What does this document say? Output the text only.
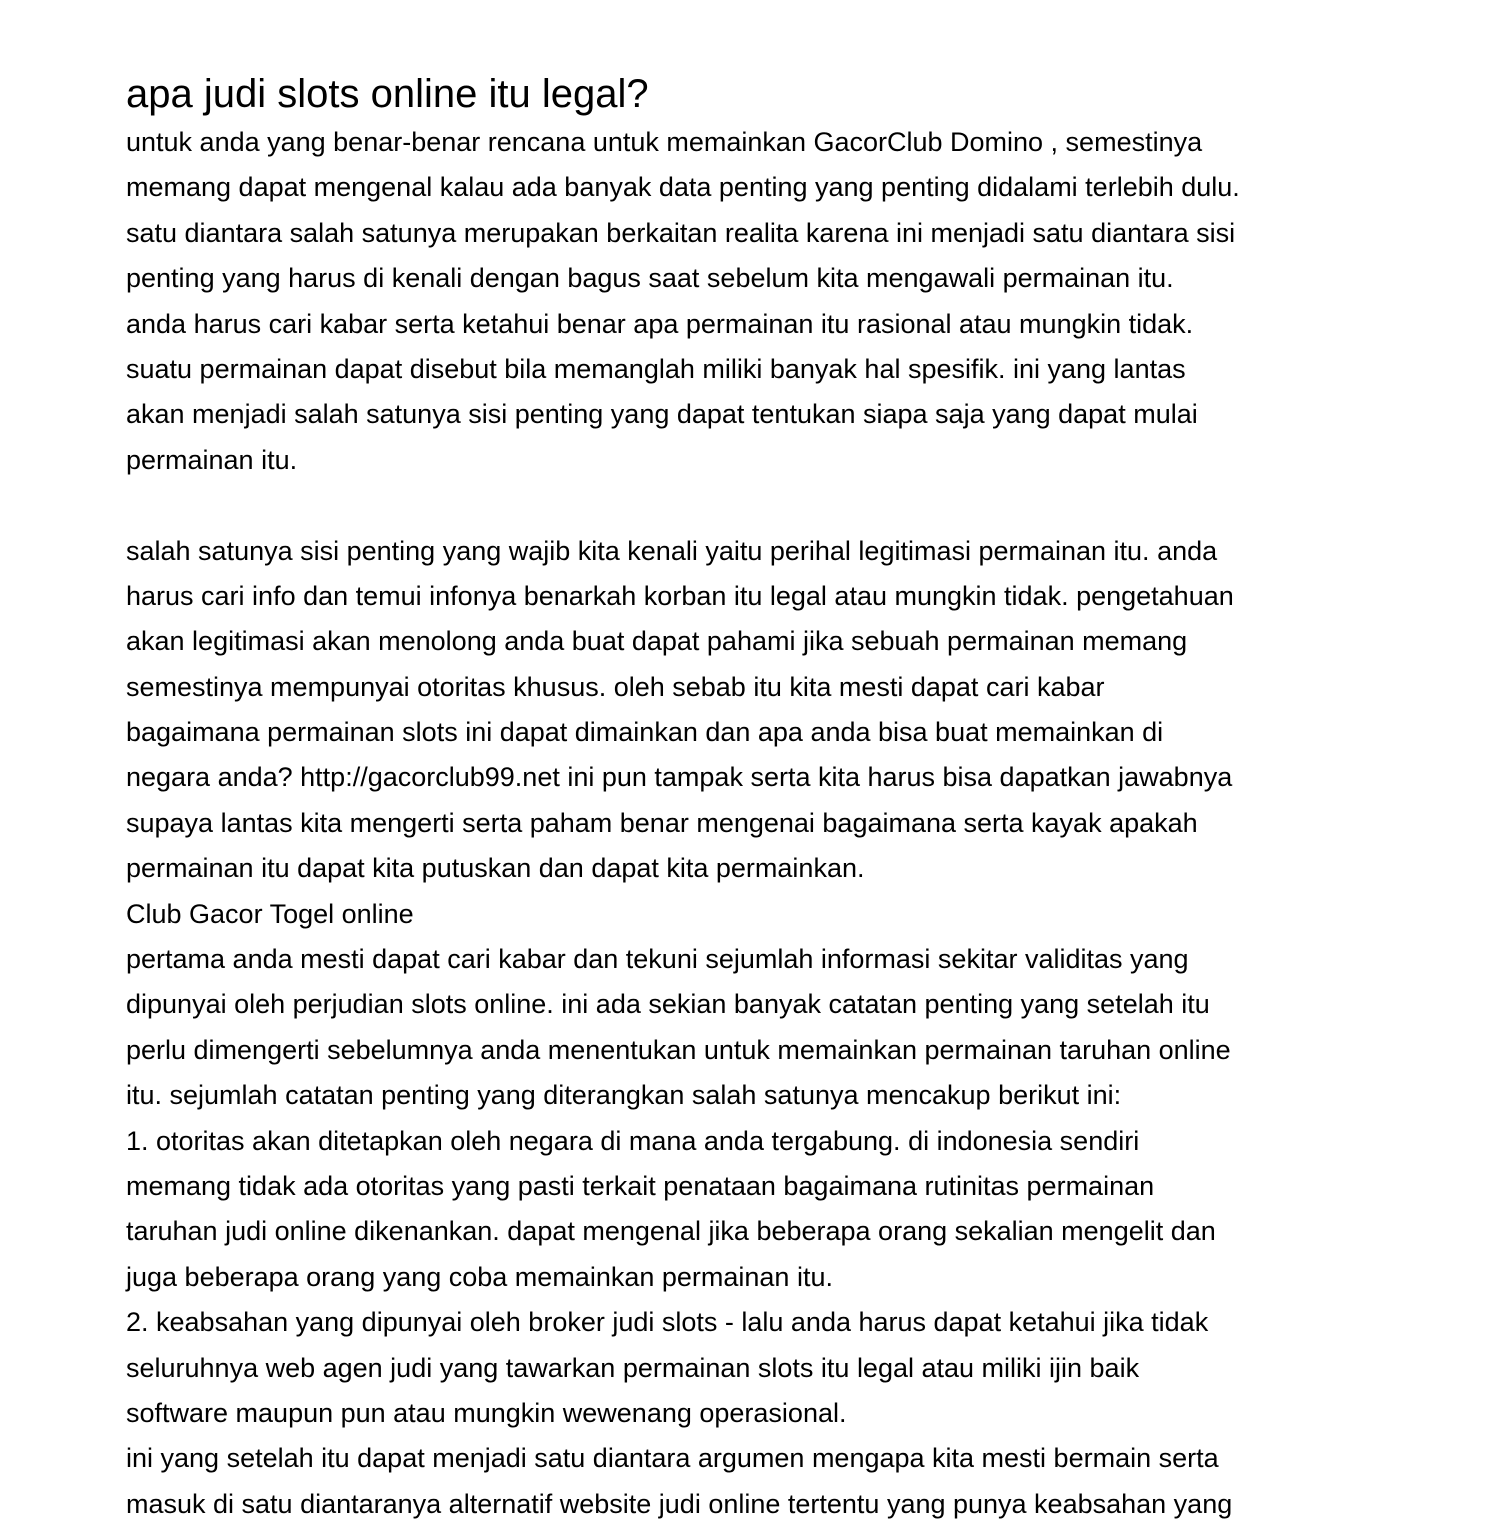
apa judi slots online itu legal?
untuk anda yang benar-benar rencana untuk memainkan GacorClub Domino , semestinya
memang dapat mengenal kalau ada banyak data penting yang penting didalami terlebih dulu.
satu diantara salah satunya merupakan berkaitan realita karena ini menjadi satu diantara sisi
penting yang harus di kenali dengan bagus saat sebelum kita mengawali permainan itu.
anda harus cari kabar serta ketahui benar apa permainan itu rasional atau mungkin tidak.
suatu permainan dapat disebut bila memanglah miliki banyak hal spesifik. ini yang lantas
akan menjadi salah satunya sisi penting yang dapat tentukan siapa saja yang dapat mulai
permainan itu.
salah satunya sisi penting yang wajib kita kenali yaitu perihal legitimasi permainan itu. anda
harus cari info dan temui infonya benarkah korban itu legal atau mungkin tidak. pengetahuan
akan legitimasi akan menolong anda buat dapat pahami jika sebuah permainan memang
semestinya mempunyai otoritas khusus. oleh sebab itu kita mesti dapat cari kabar
bagaimana permainan slots ini dapat dimainkan dan apa anda bisa buat memainkan di
negara anda? http://gacorclub99.net ini pun tampak serta kita harus bisa dapatkan jawabnya
supaya lantas kita mengerti serta paham benar mengenai bagaimana serta kayak apakah
permainan itu dapat kita putuskan dan dapat kita permainkan.
Club Gacor Togel online
pertama anda mesti dapat cari kabar dan tekuni sejumlah informasi sekitar validitas yang
dipunyai oleh perjudian slots online. ini ada sekian banyak catatan penting yang setelah itu
perlu dimengerti sebelumnya anda menentukan untuk memainkan permainan taruhan online
itu. sejumlah catatan penting yang diterangkan salah satunya mencakup berikut ini:
1. otoritas akan ditetapkan oleh negara di mana anda tergabung. di indonesia sendiri
memang tidak ada otoritas yang pasti terkait penataan bagaimana rutinitas permainan
taruhan judi online dikenankan. dapat mengenal jika beberapa orang sekalian mengelit dan
juga beberapa orang yang coba memainkan permainan itu.
2. keabsahan yang dipunyai oleh broker judi slots - lalu anda harus dapat ketahui jika tidak
seluruhnya web agen judi yang tawarkan permainan slots itu legal atau miliki ijin baik
software maupun pun atau mungkin wewenang operasional.
ini yang setelah itu dapat menjadi satu diantara argumen mengapa kita mesti bermain serta
masuk di satu diantaranya alternatif website judi online tertentu yang punya keabsahan yang
